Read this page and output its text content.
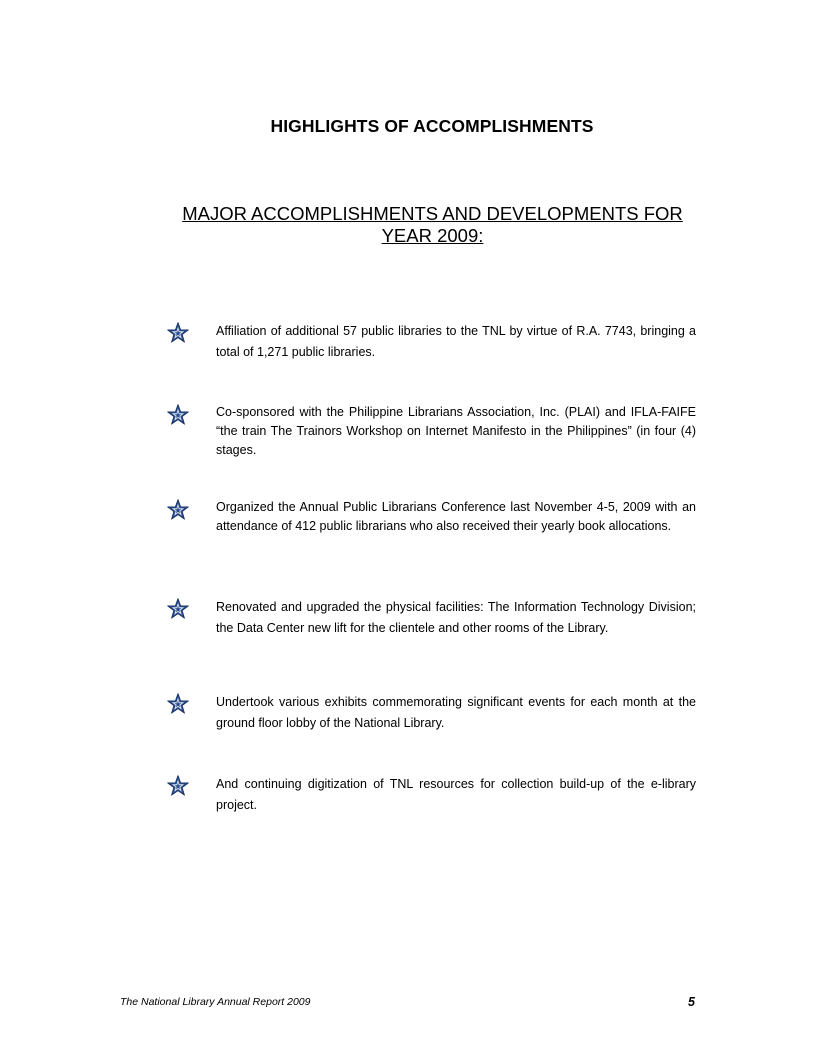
HIGHLIGHTS OF ACCOMPLISHMENTS
MAJOR ACCOMPLISHMENTS AND DEVELOPMENTS FOR
YEAR 2009:
Affiliation of additional 57 public libraries to the TNL by virtue of R.A. 7743, bringing a total of 1,271 public libraries.
Co-sponsored with the Philippine Librarians Association, Inc. (PLAI) and IFLA-FAIFE “the train The Trainors Workshop on Internet Manifesto in the Philippines” (in four (4) stages.
Organized the Annual Public Librarians Conference last November 4-5, 2009 with an attendance of 412 public librarians who also received their yearly book allocations.
Renovated and upgraded the physical facilities: The Information Technology Division; the Data Center new lift for the clientele and other rooms of the Library.
Undertook various exhibits commemorating significant events for each month at the ground floor lobby of the National Library.
And continuing digitization of TNL resources for collection build-up of the e-library project.
The National Library Annual Report 2009	5
